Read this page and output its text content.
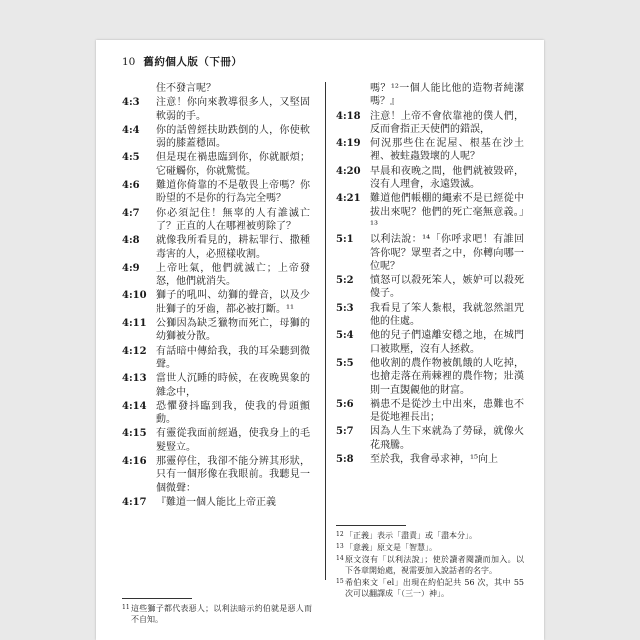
10 舊約個人版（下冊）
住不發言呢？
4:3	注意！你向來教導很多人，又堅固軟弱的手。
4:4	你的話曾經扶助跌倒的人，你使軟弱的膝蓋穩固。
4:5	但是現在禍患臨到你，你就厭煩；它碰觸你，你就驚慌。
4:6	難道你倚靠的不是敬畏上帝嗎？你盼望的不是你的行為完全嗎？
4:7	你必須記住！無辜的人有誰滅亡了？正直的人在哪裡被剪除了？
4:8	就像我所看見的，耕耘罪行、撒種毒害的人，必照樣收割。
4:9	上帝吐氣，他們就滅亡；上帝發怒，他們就消失。
4:10 獅子的吼叫、幼獅的聲音，以及少壯獅子的牙齒，都必被打斷。¹¹
4:11 公獅因為缺乏獵物而死亡，母獅的幼獅被分散。
4:12 有話暗中傳給我，我的耳朵聽到微聲。
4:13 當世人沉睡的時候，在夜晚異象的雜念中，
4:14 恐懼發抖臨到我，使我的骨頭顫動。
4:15 有靈從我面前經過，使我身上的毛髮豎立。
4:16 那靈停住，我卻不能分辨其形狀，只有一個形像在我眼前。我聽見一個微聲：
4:17 『難道一個人能比上帝正義
嗎？¹²一個人能比他的造物者純潔嗎？』
4:18 注意！上帝不會依靠祂的僕人們，反而會指正天使們的錯誤，
4:19 何況那些住在泥屋、根基在沙土裡、被蛀蟲毀壞的人呢？
4:20 早晨和夜晚之間，他們就被毀碎，沒有人理會，永遠毀滅。
4:21 難道他們帳棚的繩索不是已經從中拔出來呢？他們的死亡毫無意義。」¹³
5:1	以利法說：¹⁴「你呼求吧！有誰回答你呢？眾聖者之中，你轉向哪一位呢？
5:2	憤怒可以殺死笨人，嫉妒可以殺死傻子。
5:3	我看見了笨人紮根，我就忽然詛咒他的住處。
5:4	他的兒子們遠離安穩之地，在城門口被欺壓，沒有人拯救。
5:5	他收割的農作物被飢餓的人吃掉，也搶走落在荊棘裡的農作物；壯漢則一直覬覦他的財富。
5:6	禍患不是從沙土中出來，患難也不是從地裡長出；
5:7	因為人生下來就為了勞碌，就像火花飛騰。
5:8	至於我，我會尋求神，¹⁵向上
11 這些獅子都代表惡人；以利法暗示約伯就是惡人而不自知。
12 「正義」表示「盡責」或「盡本分」。
13 「意義」原文是「智慧」。
14 原文沒有「以利法說」；使於讀者閱讀而加入。以下各章開始處，視需要加入說話者的名字。
15 希伯來文「el」出現在約伯記共 56 次，其中 55 次可以翻譯成「（三一）神」。
